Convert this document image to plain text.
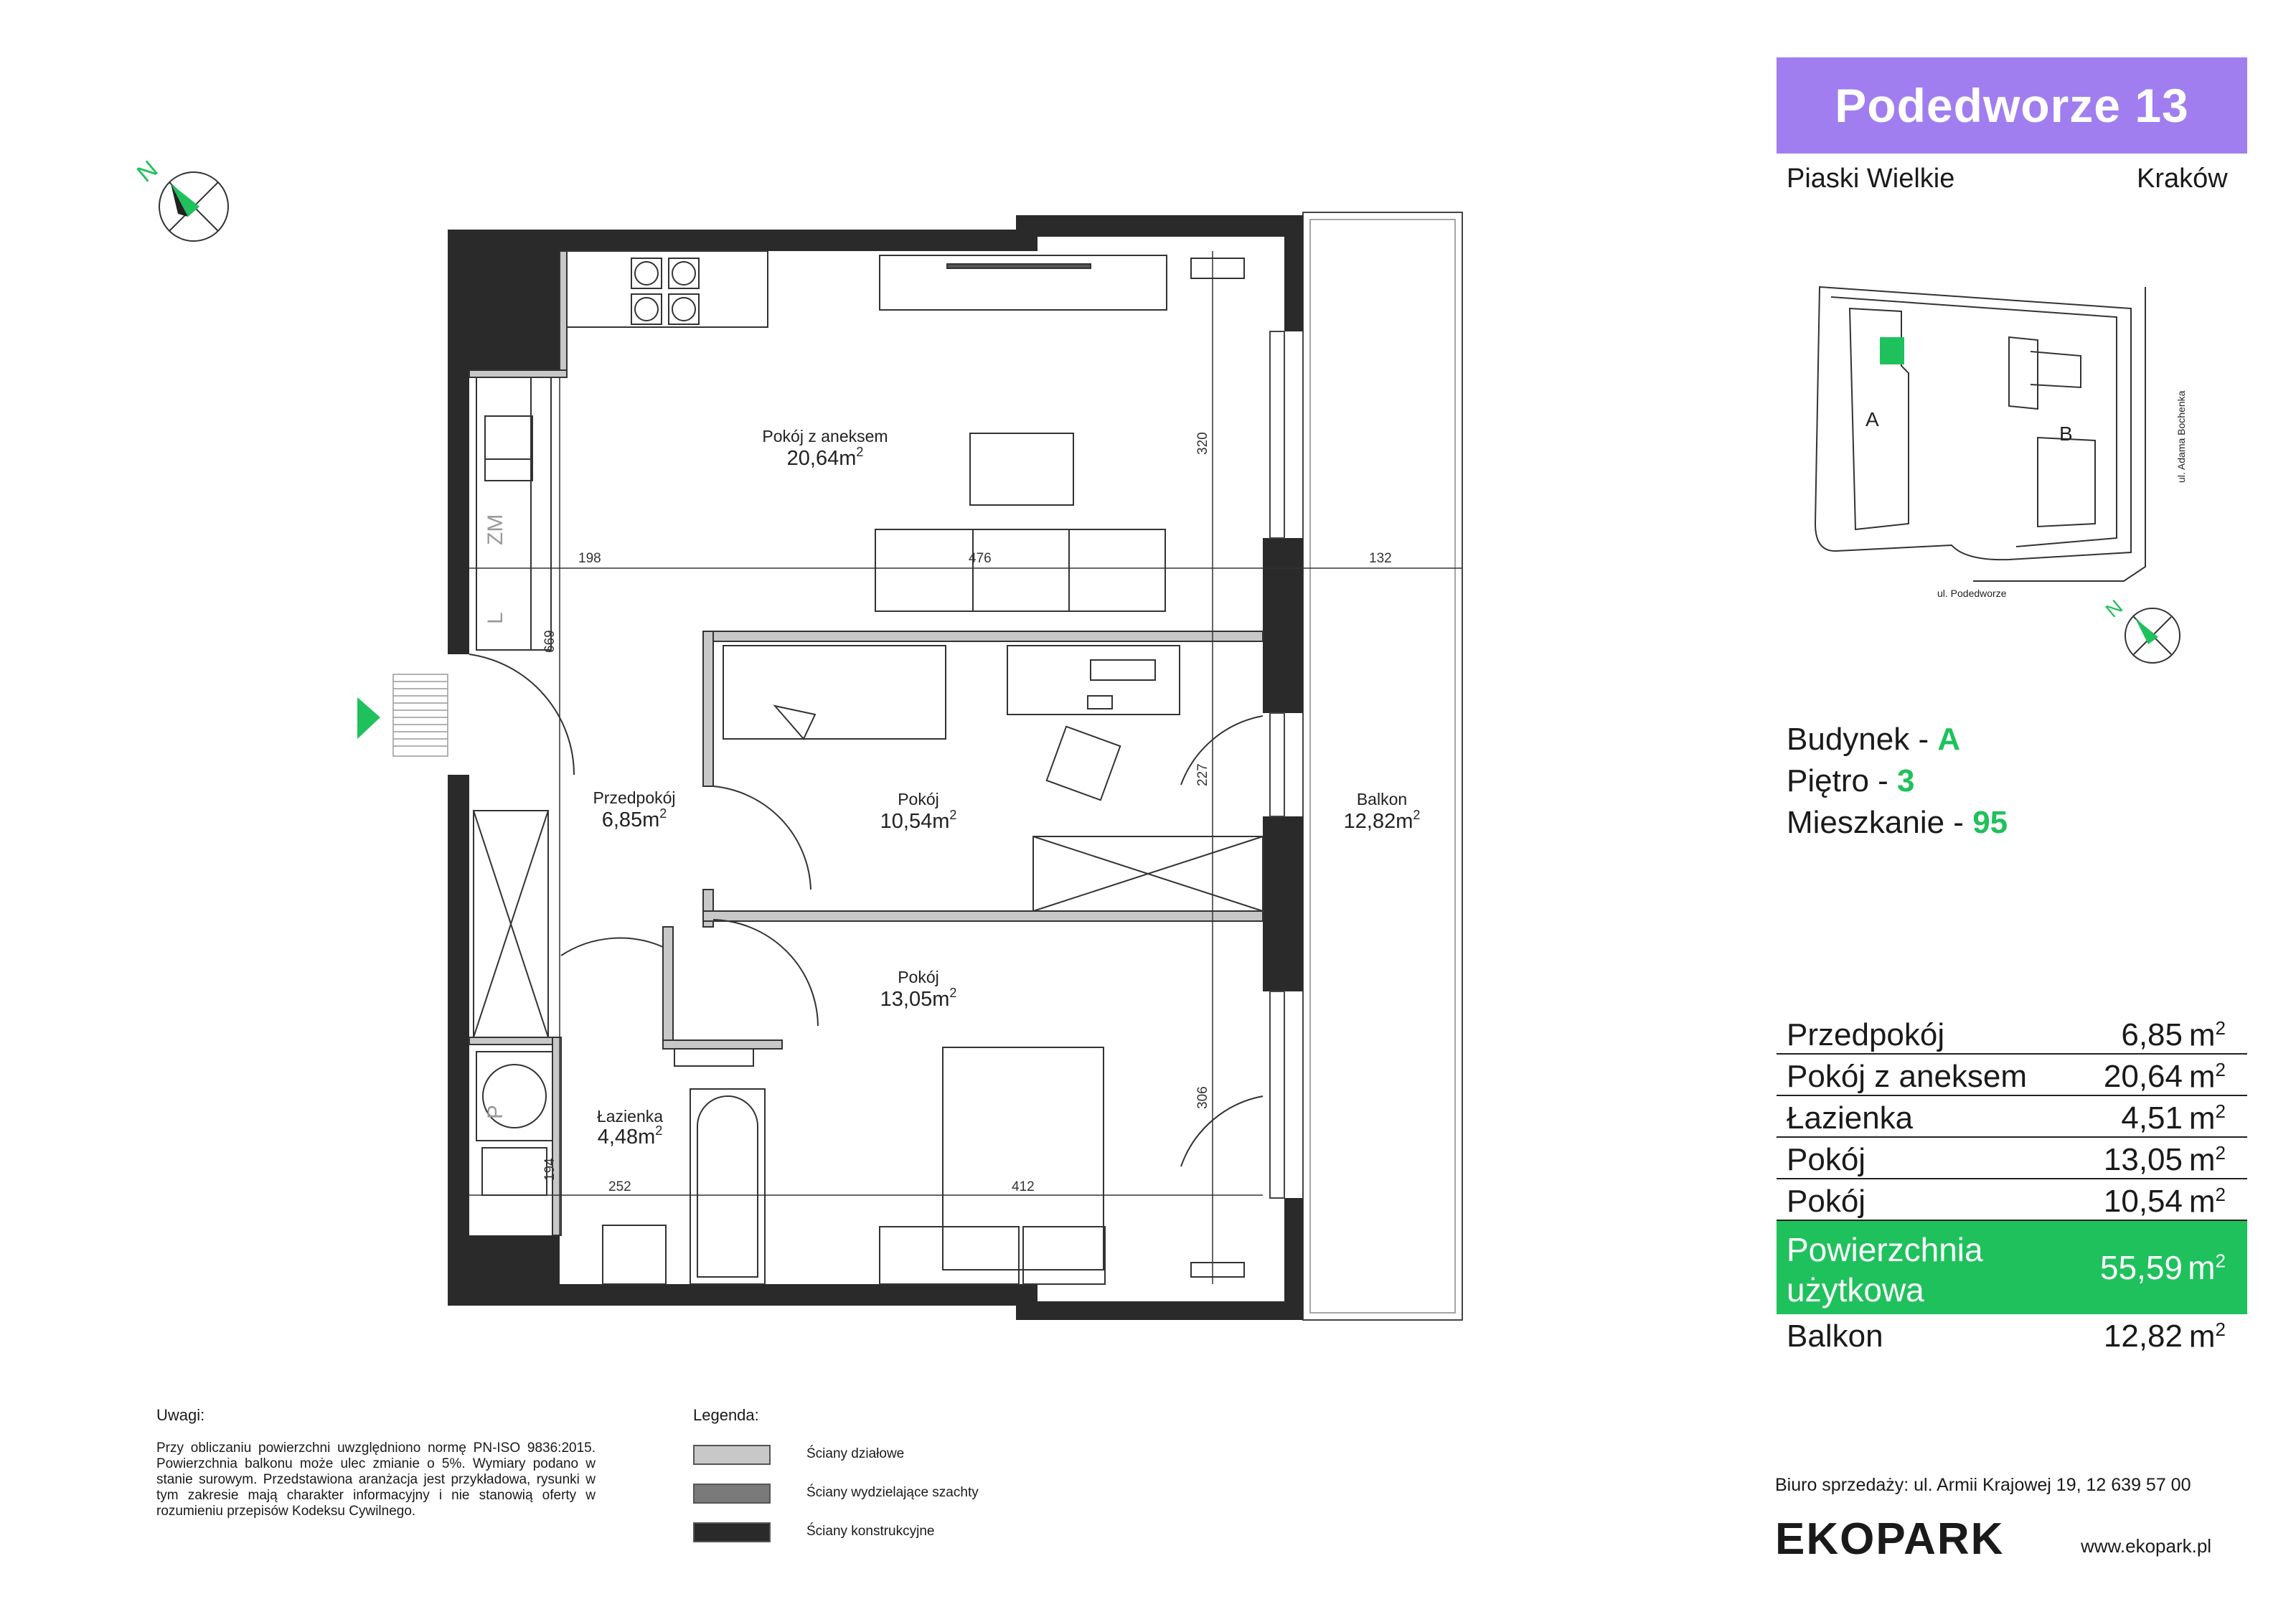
N
ZM
L
P
198	476	132
320
669
227
306
194
252	412
Pokój z aneksem
$20,64m^2$
Przedpokój
$6,85m^2$
Pokój
$10,54m^2$
Balkon
$12,82m^2$
Pokój
$13,05m^2$
Łazienka
$4,48m^2$
Podedworze 13
Piaski Wielkie	Kraków
A
B
ul. Podedworze
ul. Adama Bochenka
N
Budynek - A
Piętro - 3
Mieszkanie - 95
Przedpokój	6,85 $m^2$
Pokój z aneksem 20,64 $m^2$
Łazienka	4,51 $m^2$
Pokój	13,05 $m^2$
Pokój	10,54 $m^2$
Powierzchnia użytkowa
55,59 $m^2$
Balkon	12,82 $m^2$
Uwagi:
Przy obliczaniu powierzchni uwzględniono normę PN-ISO 9836:2015. Powierzchnia balkonu może ulec zmianie o 5%. Wymiary podano w stanie surowym. Przedstawiona aranżacja jest przykładowa, rysunki w tym zakresie mają charakter informacyjny i nie stanowią oferty w rozumieniu przepisów Kodeksu Cywilnego.
Legenda:
Ściany działowe
Ściany wydzielające szachty
Ściany konstrukcyjne
Biuro sprzedaży: ul. Armii Krajowej 19, 12 639 57 00
EKOPARK	www.ekopark.pl
